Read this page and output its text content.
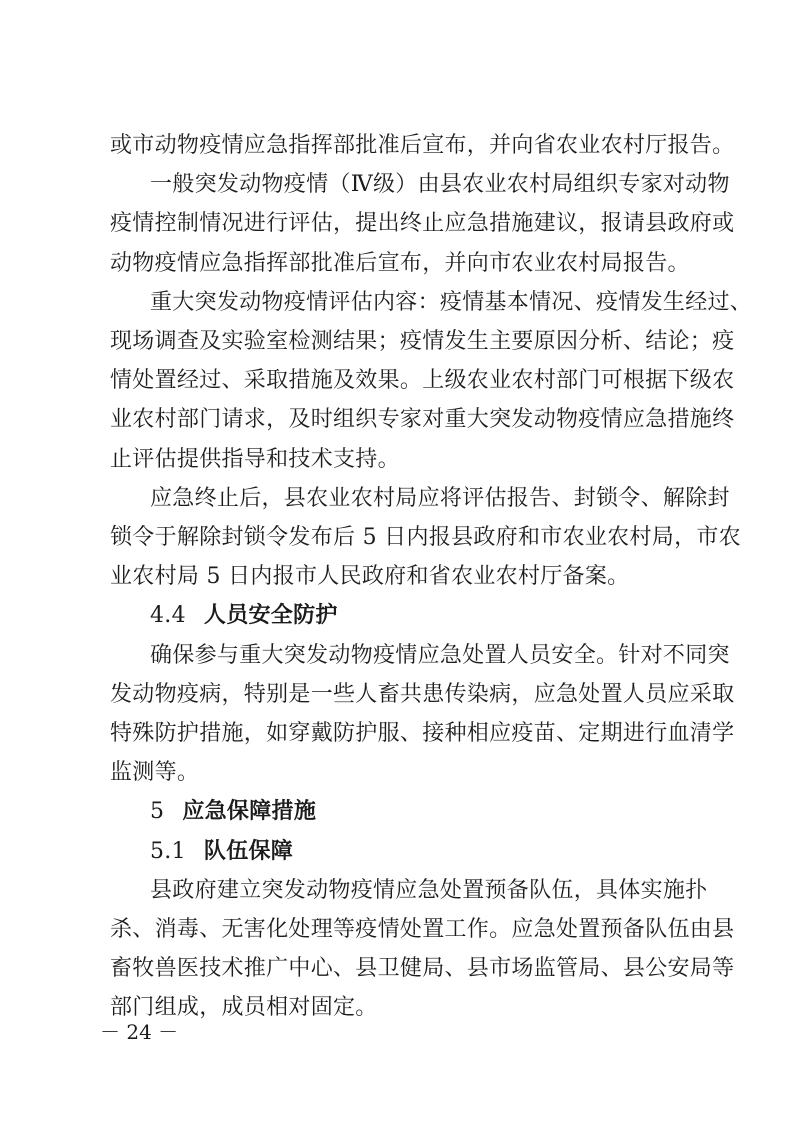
或市动物疫情应急指挥部批准后宣布，并向省农业农村厅报告。
一般突发动物疫情（Ⅳ级）由县农业农村局组织专家对动物
疫情控制情况进行评估，提出终止应急措施建议，报请县政府或
动物疫情应急指挥部批准后宣布，并向市农业农村局报告。
重大突发动物疫情评估内容：疫情基本情况、疫情发生经过、
现场调查及实验室检测结果；疫情发生主要原因分析、结论；疫
情处置经过、采取措施及效果。上级农业农村部门可根据下级农
业农村部门请求，及时组织专家对重大突发动物疫情应急措施终
止评估提供指导和技术支持。
应急终止后，县农业农村局应将评估报告、封锁令、解除封
锁令于解除封锁令发布后 5 日内报县政府和市农业农村局，市农
业农村局 5 日内报市人民政府和省农业农村厅备案。
4.4 人员安全防护
确保参与重大突发动物疫情应急处置人员安全。针对不同突
发动物疫病，特别是一些人畜共患传染病，应急处置人员应采取
特殊防护措施，如穿戴防护服、接种相应疫苗、定期进行血清学
监测等。
5 应急保障措施
5.1 队伍保障
县政府建立突发动物疫情应急处置预备队伍，具体实施扑
杀、消毒、无害化处理等疫情处置工作。应急处置预备队伍由县
畜牧兽医技术推广中心、县卫健局、县市场监管局、县公安局等
部门组成，成员相对固定。
－ 24 －
